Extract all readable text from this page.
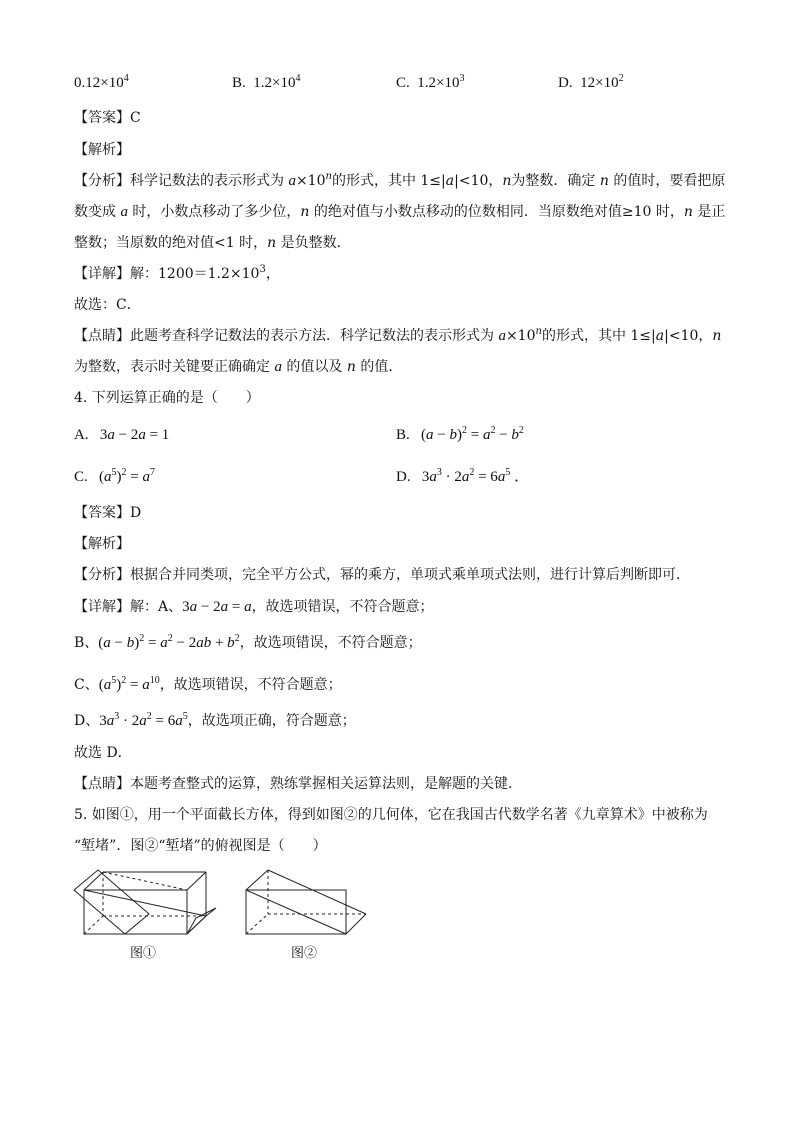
$0.12\times 10^4$	B. $1.2\times 10^4$	C. $1.2\times 10^3$	D. $12\times 10^2$
【答案】C
【解析】
【分析】科学记数法的表示形式为 $a\times 10^n$的形式，其中 1≤|a|<10，n为整数．确定 n 的值时，要看把原
数变成 a 时，小数点移动了多少位，n 的绝对值与小数点移动的位数相同．当原数绝对值≥10 时，n 是正
整数；当原数的绝对值<1 时，n 是负整数．
【详解】解：$1200=1.2\times 10^3$，
故选：C．
【点睛】此题考查科学记数法的表示方法．科学记数法的表示形式为 $a\times 10^n$的形式，其中 1≤|a|<10，n
为整数，表示时关键要正确确定 a 的值以及 n 的值．
4. 下列运算正确的是（　　）
A.   3a − 2a = 1	B.   $(a - b)^2 = a^2 - b^2$
C.   $(a^5)^2 = a^7$	D.   $3a^3 \cdot 2a^2 = 6a^5$ ．
【答案】D
【解析】
【分析】根据合并同类项，完全平方公式，幂的乘方，单项式乘单项式法则，进行计算后判断即可．
【详解】解：A、3a − 2a = a，故选项错误，不符合题意；
B、$(a - b)^2 = a^2 - 2ab + b^2$，故选项错误，不符合题意；
C、$(a^5)^2 = a^{10}$，故选项错误，不符合题意；
D、$3a^3 \cdot 2a^2 = 6a^5$，故选项正确，符合题意；
故选 D．
【点睛】本题考查整式的运算，熟练掌握相关运算法则，是解题的关键．
5. 如图①，用一个平面截长方体，得到如图②的几何体，它在我国古代数学名著《九章算术》中被称为
“堑堵”．图②“堑堵”的俯视图是（　　）
图①	图②
